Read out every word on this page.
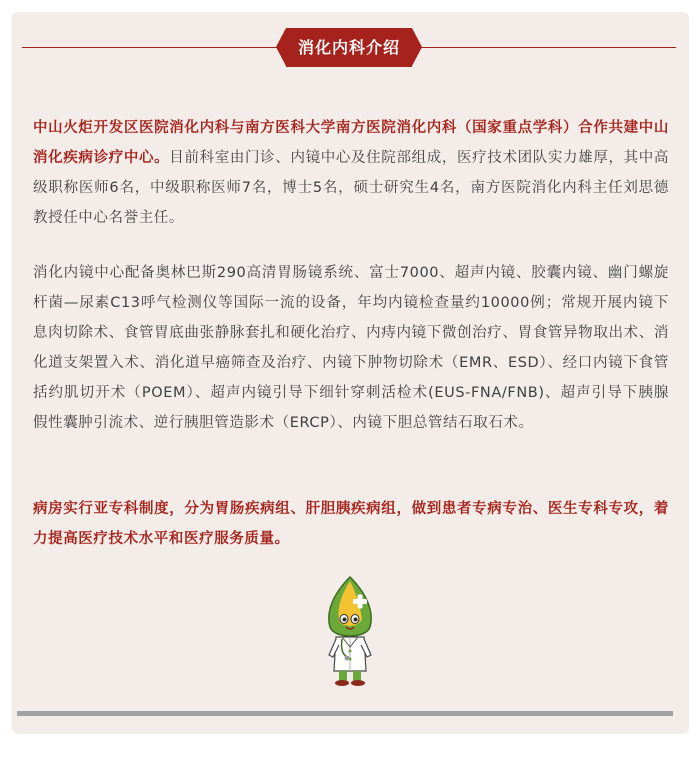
消化内科介绍

中山火炬开发区医院消化内科与南方医科大学南方医院消化内科（国家重点学科）合作共建中山消化疾病诊疗中心。目前科室由门诊、内镜中心及住院部组成，医疗技术团队实力雄厚，其中高级职称医师6名，中级职称医师7名，博士5名，硕士研究生4名，南方医院消化内科主任刘思德教授任中心名誉主任。

消化内镜中心配备奥林巴斯290高清胃肠镜系统、富士7000、超声内镜、胶囊内镜、幽门螺旋杆菌—尿素C13呼气检测仪等国际一流的设备，年均内镜检查量约10000例；常规开展内镜下息肉切除术、食管胃底曲张静脉套扎和硬化治疗、内痔内镜下微创治疗、胃食管异物取出术、消化道支架置入术、消化道早癌筛查及治疗、内镜下肿物切除术（EMR、ESD）、经口内镜下食管括约肌切开术（POEM）、超声内镜引导下细针穿刺活检术(EUS-FNA/FNB)、超声引导下胰腺假性囊肿引流术、逆行胰胆管造影术（ERCP）、内镜下胆总管结石取石术。

病房实行亚专科制度，分为胃肠疾病组、肝胆胰疾病组，做到患者专病专治、医生专科专攻，着力提高医疗技术水平和医疗服务质量。
